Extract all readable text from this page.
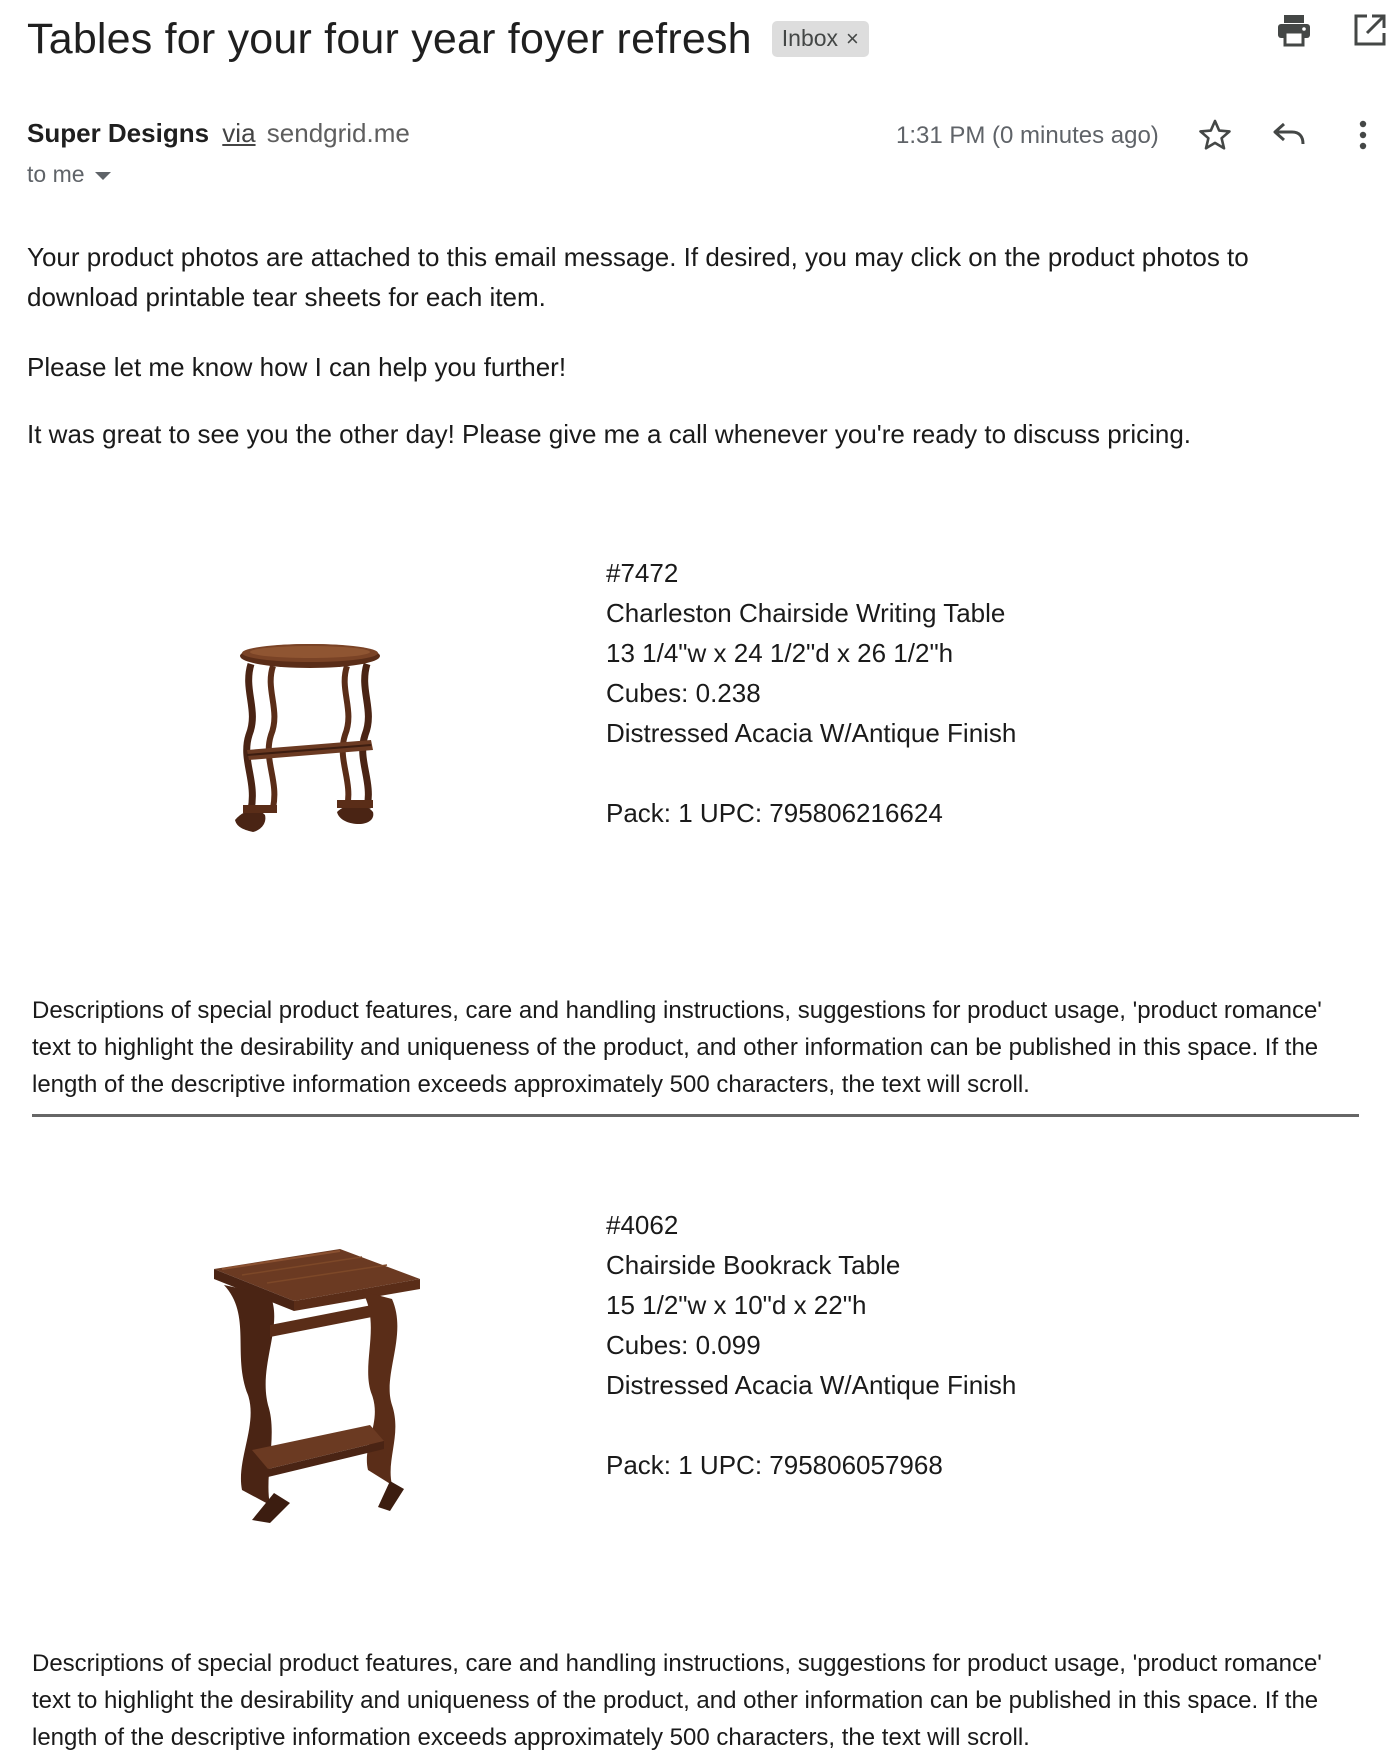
Tables for your four year foyer refresh Inbox ×
Super Designs via sendgrid.me
to me
1:31 PM (0 minutes ago)
Your product photos are attached to this email message. If desired, you may click on the product photos to download printable tear sheets for each item.
Please let me know how I can help you further!
It was great to see you the other day! Please give me a call whenever you're ready to discuss pricing.
#7472
Charleston Chairside Writing Table
13 1/4"w x 24 1/2"d x 26 1/2"h
Cubes: 0.238
Distressed Acacia W/Antique Finish
Pack: 1 UPC: 795806216624
Descriptions of special product features, care and handling instructions, suggestions for product usage, 'product romance' text to highlight the desirability and uniqueness of the product, and other information can be published in this space. If the length of the descriptive information exceeds approximately 500 characters, the text will scroll.
#4062
Chairside Bookrack Table
15 1/2"w x 10"d x 22"h
Cubes: 0.099
Distressed Acacia W/Antique Finish
Pack: 1 UPC: 795806057968
Descriptions of special product features, care and handling instructions, suggestions for product usage, 'product romance' text to highlight the desirability and uniqueness of the product, and other information can be published in this space. If the length of the descriptive information exceeds approximately 500 characters, the text will scroll.
